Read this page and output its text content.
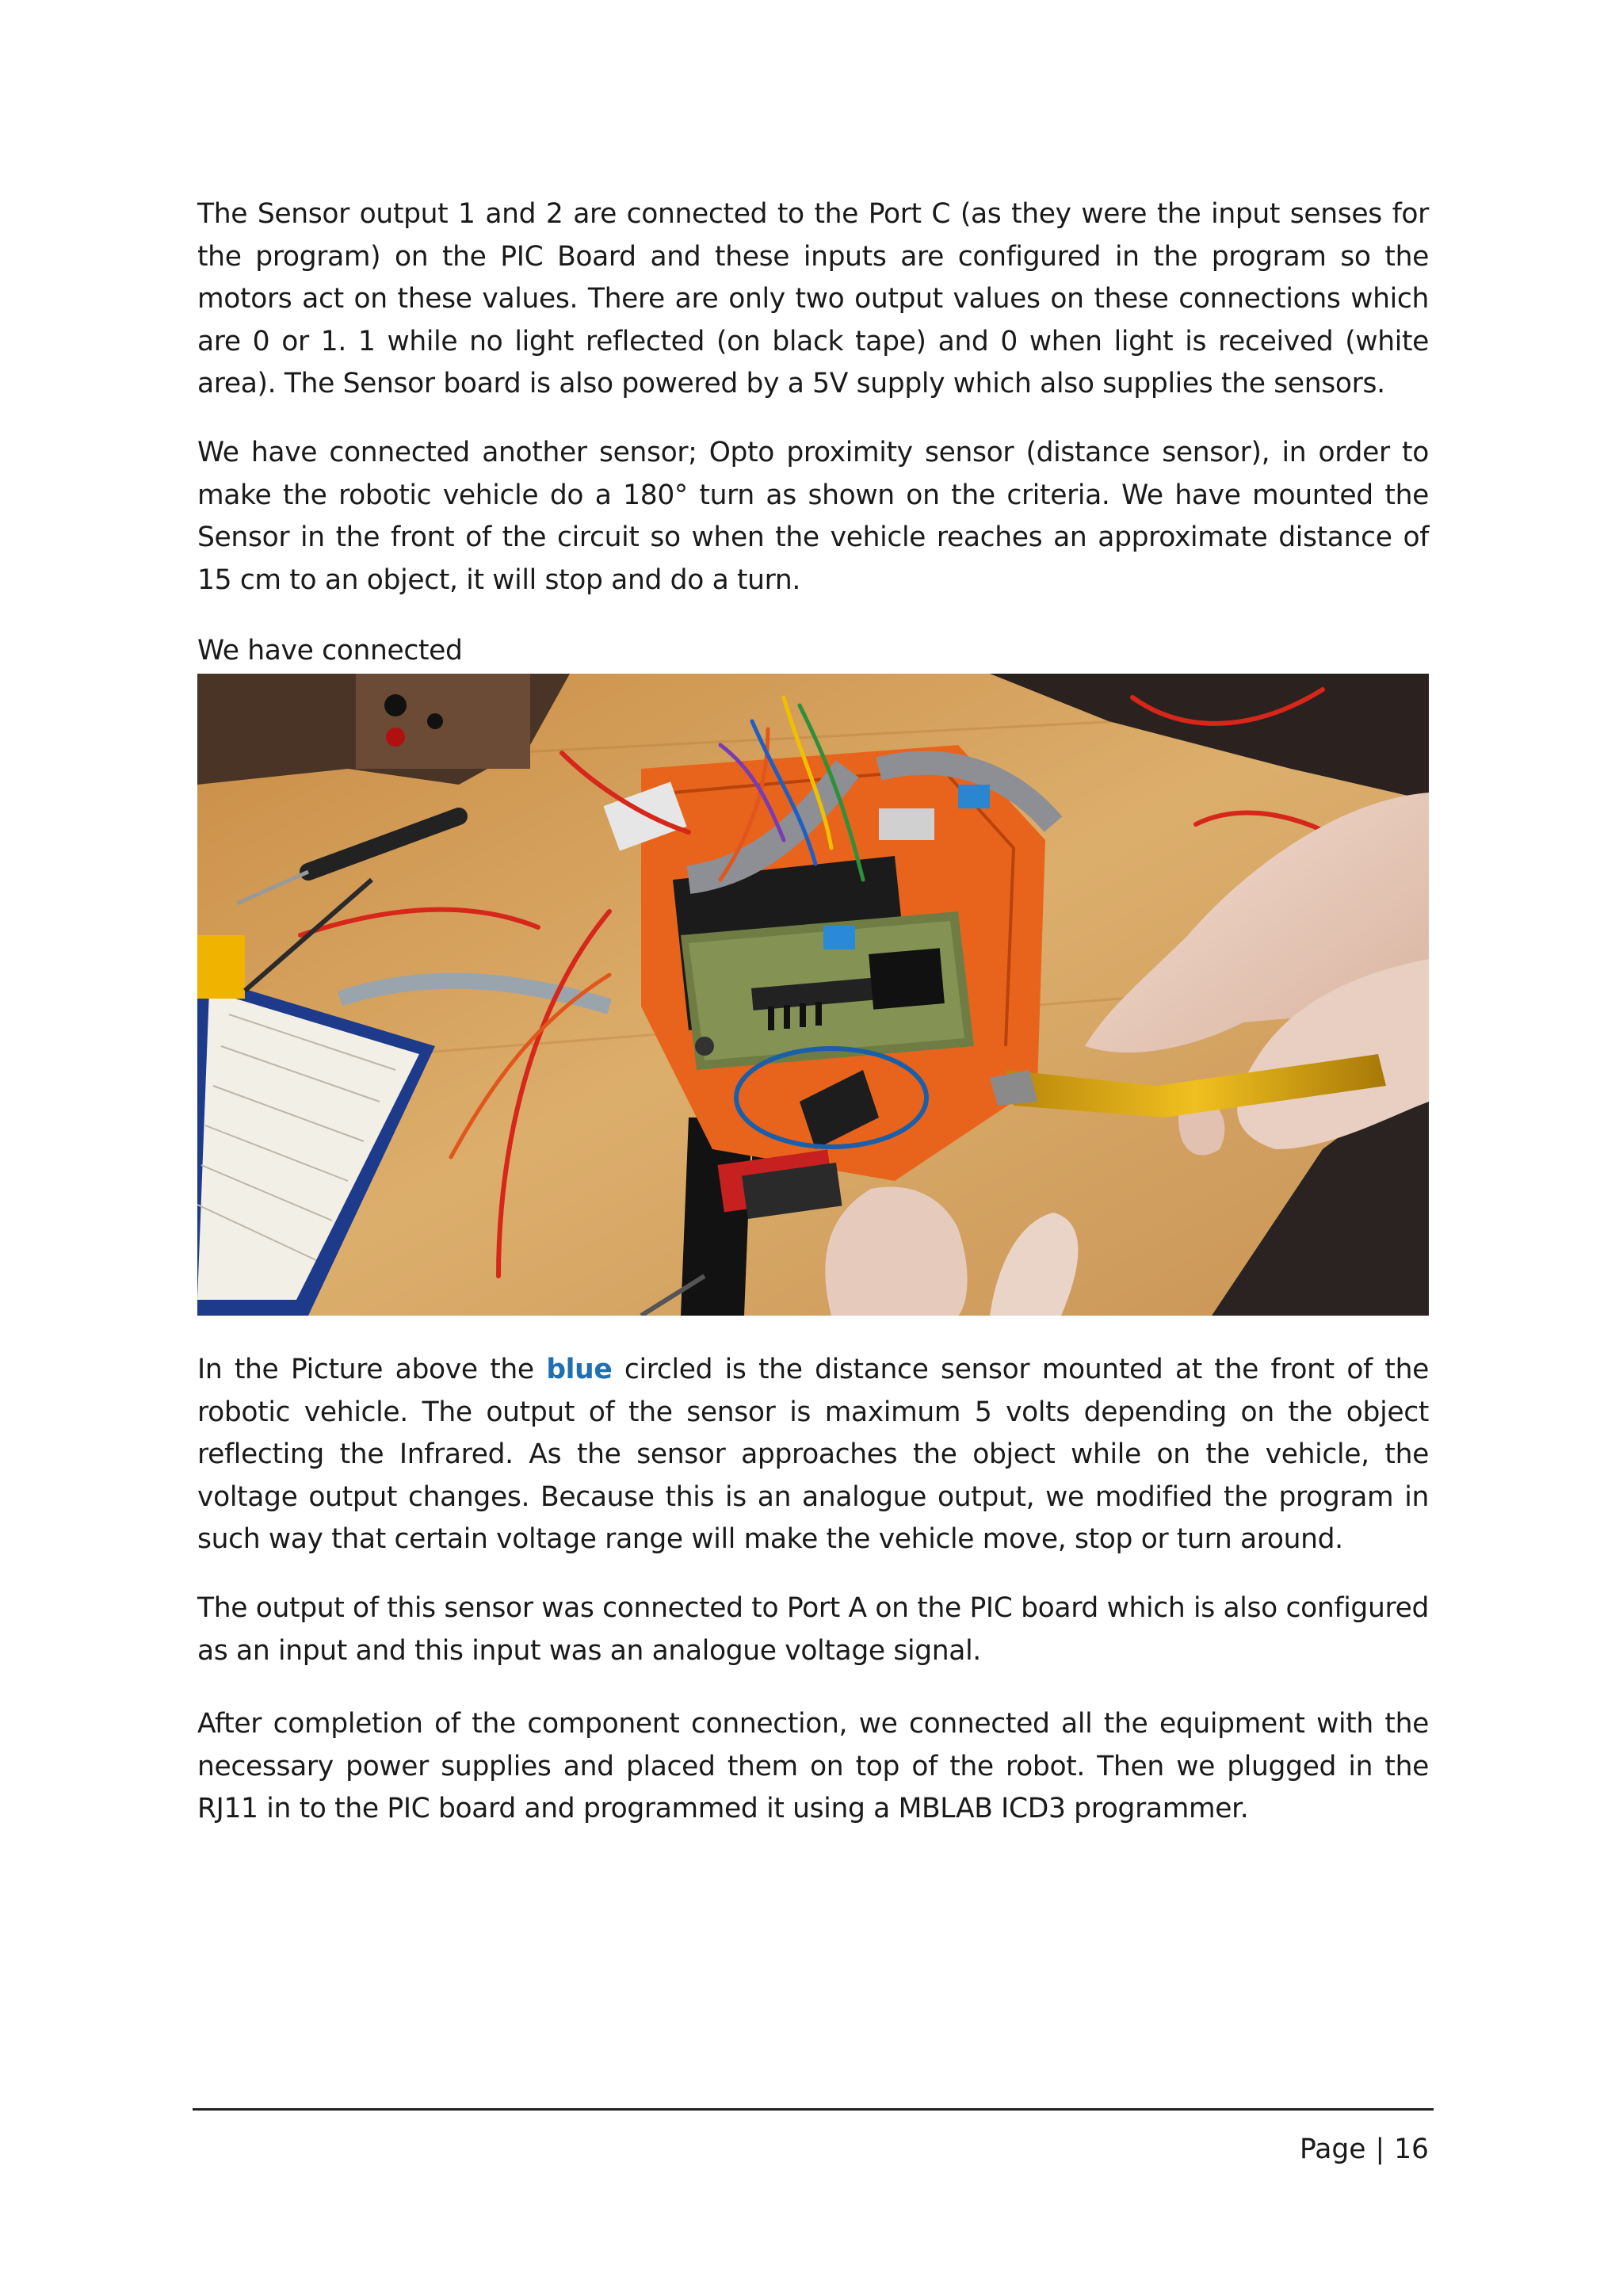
The Sensor output 1 and 2 are connected to the Port C (as they were the input senses for the program) on the PIC Board and these inputs are configured in the program so the motors act on these values. There are only two output values on these connections which are 0 or 1. 1 while no light reflected (on black tape) and 0 when light is received (white area). The Sensor board is also powered by a 5V supply which also supplies the sensors.

We have connected another sensor; Opto proximity sensor (distance sensor), in order to make the robotic vehicle do a 180° turn as shown on the criteria. We have mounted the Sensor in the front of the circuit so when the vehicle reaches an approximate distance of 15 cm to an object, it will stop and do a turn.

We have connected

In the Picture above the blue circled is the distance sensor mounted at the front of the robotic vehicle. The output of the sensor is maximum 5 volts depending on the object reflecting the Infrared. As the sensor approaches the object while on the vehicle, the voltage output changes. Because this is an analogue output, we modified the program in such way that certain voltage range will make the vehicle move, stop or turn around.

The output of this sensor was connected to Port A on the PIC board which is also configured as an input and this input was an analogue voltage signal.

After completion of the component connection, we connected all the equipment with the necessary power supplies and placed them on top of the robot. Then we plugged in the RJ11 in to the PIC board and programmed it using a MBLAB ICD3 programmer.

Page | 16
